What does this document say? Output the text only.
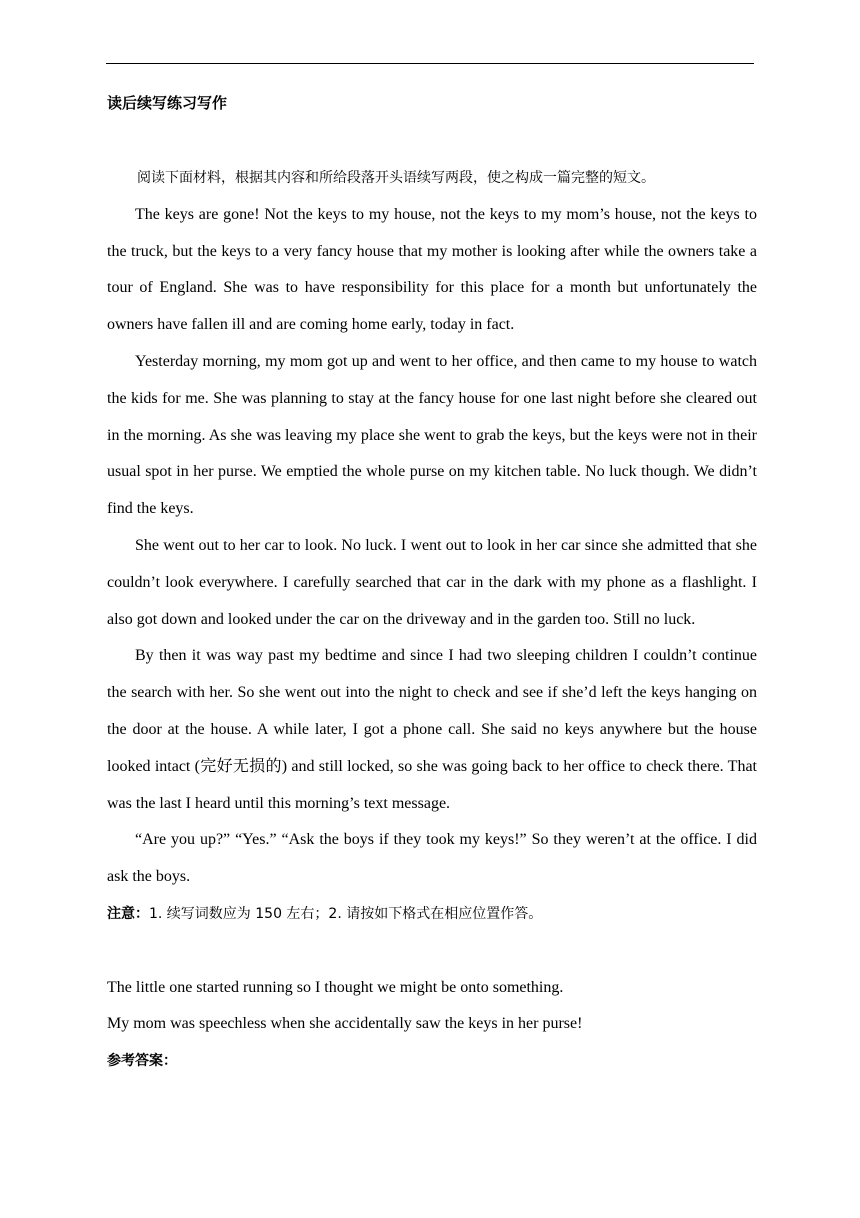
读后续写练习写作

阅读下面材料，根据其内容和所给段落开头语续写两段，使之构成一篇完整的短文。

The keys are gone! Not the keys to my house, not the keys to my mom’s house, not the keys to the truck, but the keys to a very fancy house that my mother is looking after while the owners take a tour of England. She was to have responsibility for this place for a month but unfortunately the owners have fallen ill and are coming home early, today in fact.

Yesterday morning, my mom got up and went to her office, and then came to my house to watch the kids for me. She was planning to stay at the fancy house for one last night before she cleared out in the morning. As she was leaving my place she went to grab the keys, but the keys were not in their usual spot in her purse. We emptied the whole purse on my kitchen table. No luck though. We didn’t find the keys.

She went out to her car to look. No luck. I went out to look in her car since she admitted that she couldn’t look everywhere. I carefully searched that car in the dark with my phone as a flashlight. I also got down and looked under the car on the driveway and in the garden too. Still no luck.

By then it was way past my bedtime and since I had two sleeping children I couldn’t continue the search with her. So she went out into the night to check and see if she’d left the keys hanging on the door at the house. A while later, I got a phone call. She said no keys anywhere but the house looked intact (完好无损的) and still locked, so she was going back to her office to check there. That was the last I heard until this morning’s text message.

“Are you up?” “Yes.” “Ask the boys if they took my keys!” So they weren’t at the office. I did ask the boys.

注意：1. 续写词数应为 150 左右；2. 请按如下格式在相应位置作答。

The little one started running so I thought we might be onto something.

My mom was speechless when she accidentally saw the keys in her purse!

参考答案：
